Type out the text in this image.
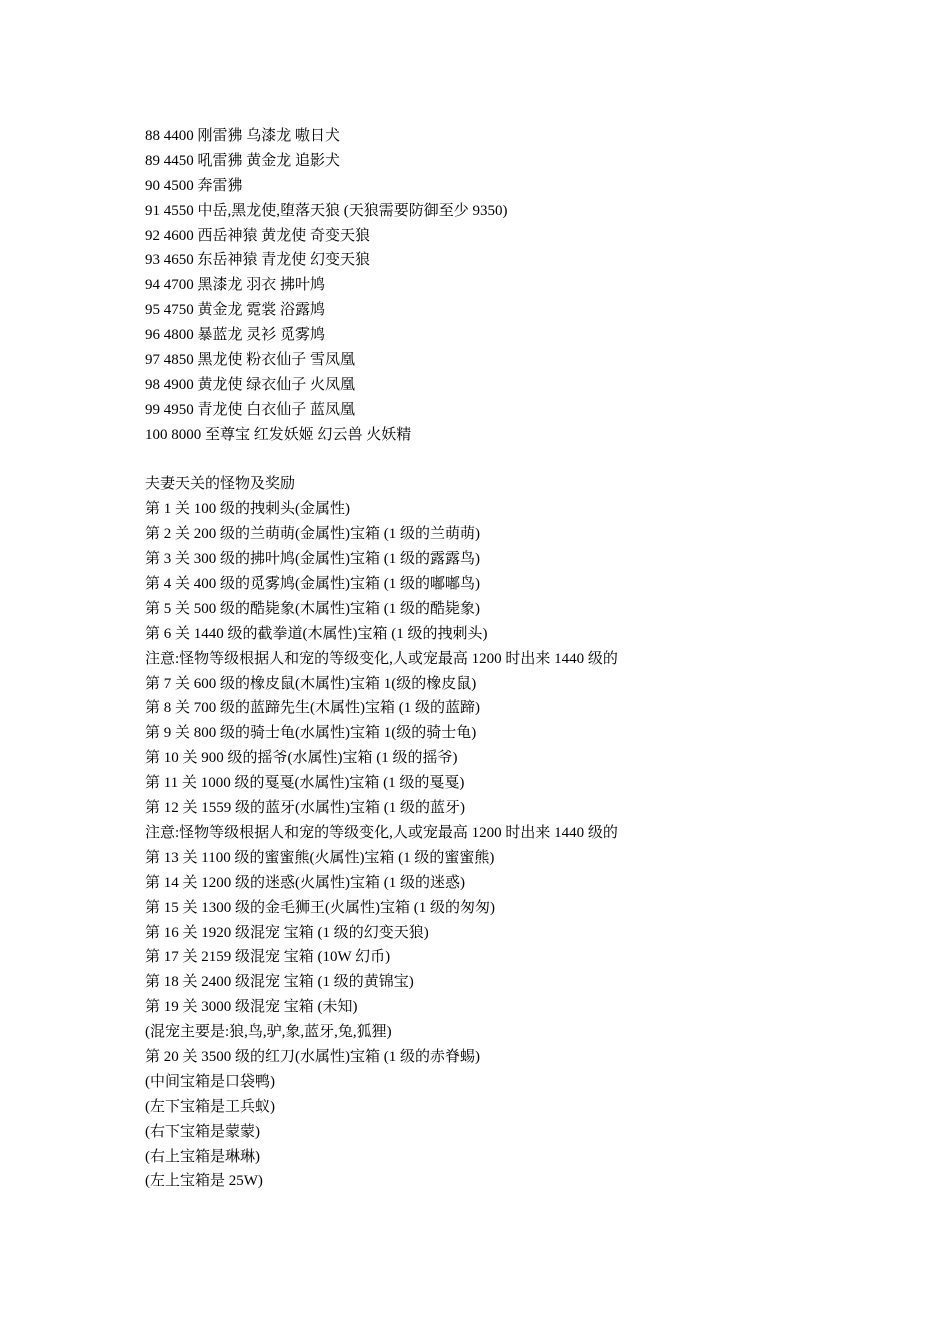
88 4400 刚雷狒 乌漆龙 嗷日犬
89 4450 吼雷狒 黄金龙 追影犬
90 4500 奔雷狒
91 4550 中岳,黑龙使,堕落天狼 (天狼需要防御至少 9350)
92 4600 西岳神猿 黄龙使 奇变天狼
93 4650 东岳神猿 青龙使 幻变天狼
94 4700 黑漆龙 羽衣 拂叶鸠
95 4750 黄金龙 霓裳 浴露鸠
96 4800 暴蓝龙 灵衫 觅雾鸠
97 4850 黑龙使 粉衣仙子 雪凤凰
98 4900 黄龙使 绿衣仙子 火凤凰
99 4950 青龙使 白衣仙子 蓝凤凰
100 8000 至尊宝 红发妖姬 幻云兽 火妖精
夫妻天关的怪物及奖励
第 1 关 100 级的拽刺头(金属性)
第 2 关 200 级的兰萌萌(金属性)宝箱 (1 级的兰萌萌)
第 3 关 300 级的拂叶鸠(金属性)宝箱 (1 级的露露鸟)
第 4 关 400 级的觅雾鸠(金属性)宝箱 (1 级的嘟嘟鸟)
第 5 关 500 级的酷毙象(木属性)宝箱 (1 级的酷毙象)
第 6 关 1440 级的截拳道(木属性)宝箱 (1 级的拽刺头)
注意:怪物等级根据人和宠的等级变化,人或宠最高 1200 时出来 1440 级的
第 7 关 600 级的橡皮鼠(木属性)宝箱 1(级的橡皮鼠)
第 8 关 700 级的蓝蹄先生(木属性)宝箱 (1 级的蓝蹄)
第 9 关 800 级的骑士龟(水属性)宝箱 1(级的骑士龟)
第 10 关 900 级的摇爷(水属性)宝箱 (1 级的摇爷)
第 11 关 1000 级的戛戛(水属性)宝箱 (1 级的戛戛)
第 12 关 1559 级的蓝牙(水属性)宝箱 (1 级的蓝牙)
注意:怪物等级根据人和宠的等级变化,人或宠最高 1200 时出来 1440 级的
第 13 关 1100 级的蜜蜜熊(火属性)宝箱 (1 级的蜜蜜熊)
第 14 关 1200 级的迷惑(火属性)宝箱 (1 级的迷惑)
第 15 关 1300 级的金毛狮王(火属性)宝箱 (1 级的匆匆)
第 16 关 1920 级混宠 宝箱 (1 级的幻变天狼)
第 17 关 2159 级混宠 宝箱 (10W 幻币)
第 18 关 2400 级混宠 宝箱 (1 级的黄锦宝)
第 19 关 3000 级混宠 宝箱 (未知)
(混宠主要是:狼,鸟,驴,象,蓝牙,兔,狐狸)
第 20 关 3500 级的红刀(水属性)宝箱 (1 级的赤脊蜴)
(中间宝箱是口袋鸭)
(左下宝箱是工兵蚁)
(右下宝箱是蒙蒙)
(右上宝箱是琳琳)
(左上宝箱是 25W)
